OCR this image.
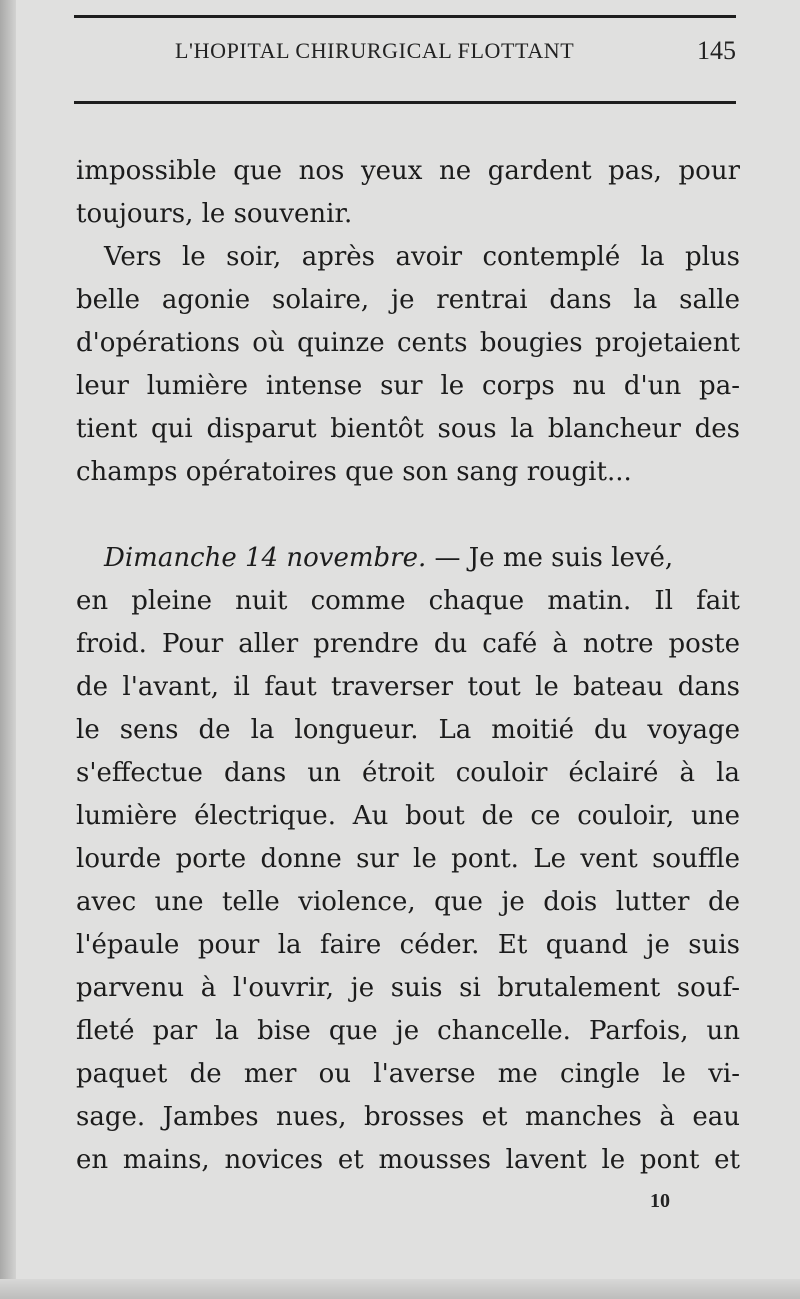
L'HOPITAL CHIRURGICAL FLOTTANT	145
impossible que nos yeux ne gardent pas, pour
toujours, le souvenir.
Vers le soir, après avoir contemplé la plus
belle agonie solaire, je rentrai dans la salle
d'opérations où quinze cents bougies projetaient
leur lumière intense sur le corps nu d'un pa-
tient qui disparut bientôt sous la blancheur des
champs opératoires que son sang rougit...
Dimanche 14 novembre. — Je me suis levé,
en pleine nuit comme chaque matin. Il fait
froid. Pour aller prendre du café à notre poste
de l'avant, il faut traverser tout le bateau dans
le sens de la longueur. La moitié du voyage
s'effectue dans un étroit couloir éclairé à la
lumière électrique. Au bout de ce couloir, une
lourde porte donne sur le pont. Le vent souffle
avec une telle violence, que je dois lutter de
l'épaule pour la faire céder. Et quand je suis
parvenu à l'ouvrir, je suis si brutalement souf-
fleté par la bise que je chancelle. Parfois, un
paquet de mer ou l'averse me cingle le vi-
sage. Jambes nues, brosses et manches à eau
en mains, novices et mousses lavent le pont et
10
